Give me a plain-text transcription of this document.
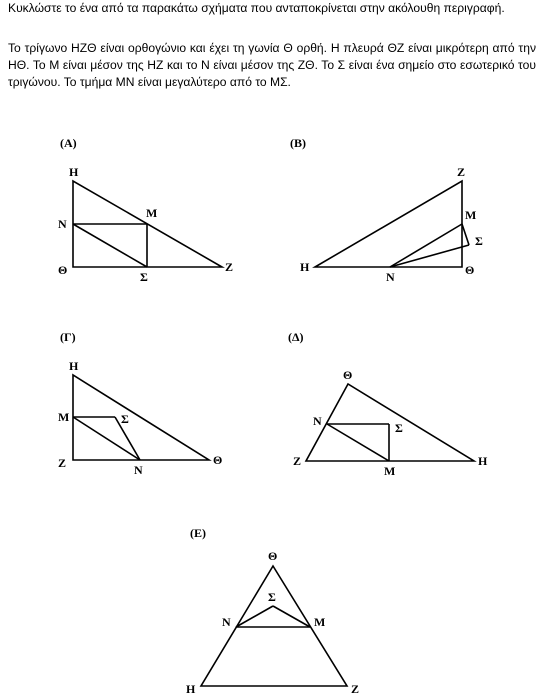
Κυκλώστε το ένα από τα παρακάτω σχήματα που ανταποκρίνεται στην ακόλουθη περιγραφή.

Το τρίγωνο ΗΖΘ είναι ορθογώνιο και έχει τη γωνία Θ ορθή. Η πλευρά ΘΖ είναι μικρότερη από την ΗΘ. Το Μ είναι μέσον της ΗΖ και το Ν είναι μέσον της ΖΘ. Το Σ είναι ένα σημείο στο εσωτερικό του τριγώνου. Το τμήμα ΜΝ είναι μεγαλύτερο από το ΜΣ.

(A)	(B)
(Γ)	(Δ)
(E)
Η
Ν
Μ
Θ	Σ
Ζ
Ζ
Μ
Σ
Η
Ν	Θ
Η
Μ	Σ
Ζ	Ν
Θ
Θ
Ν	Σ
Ζ
Μ
Η
Θ
Σ
Ν	Μ
Η	Ζ
